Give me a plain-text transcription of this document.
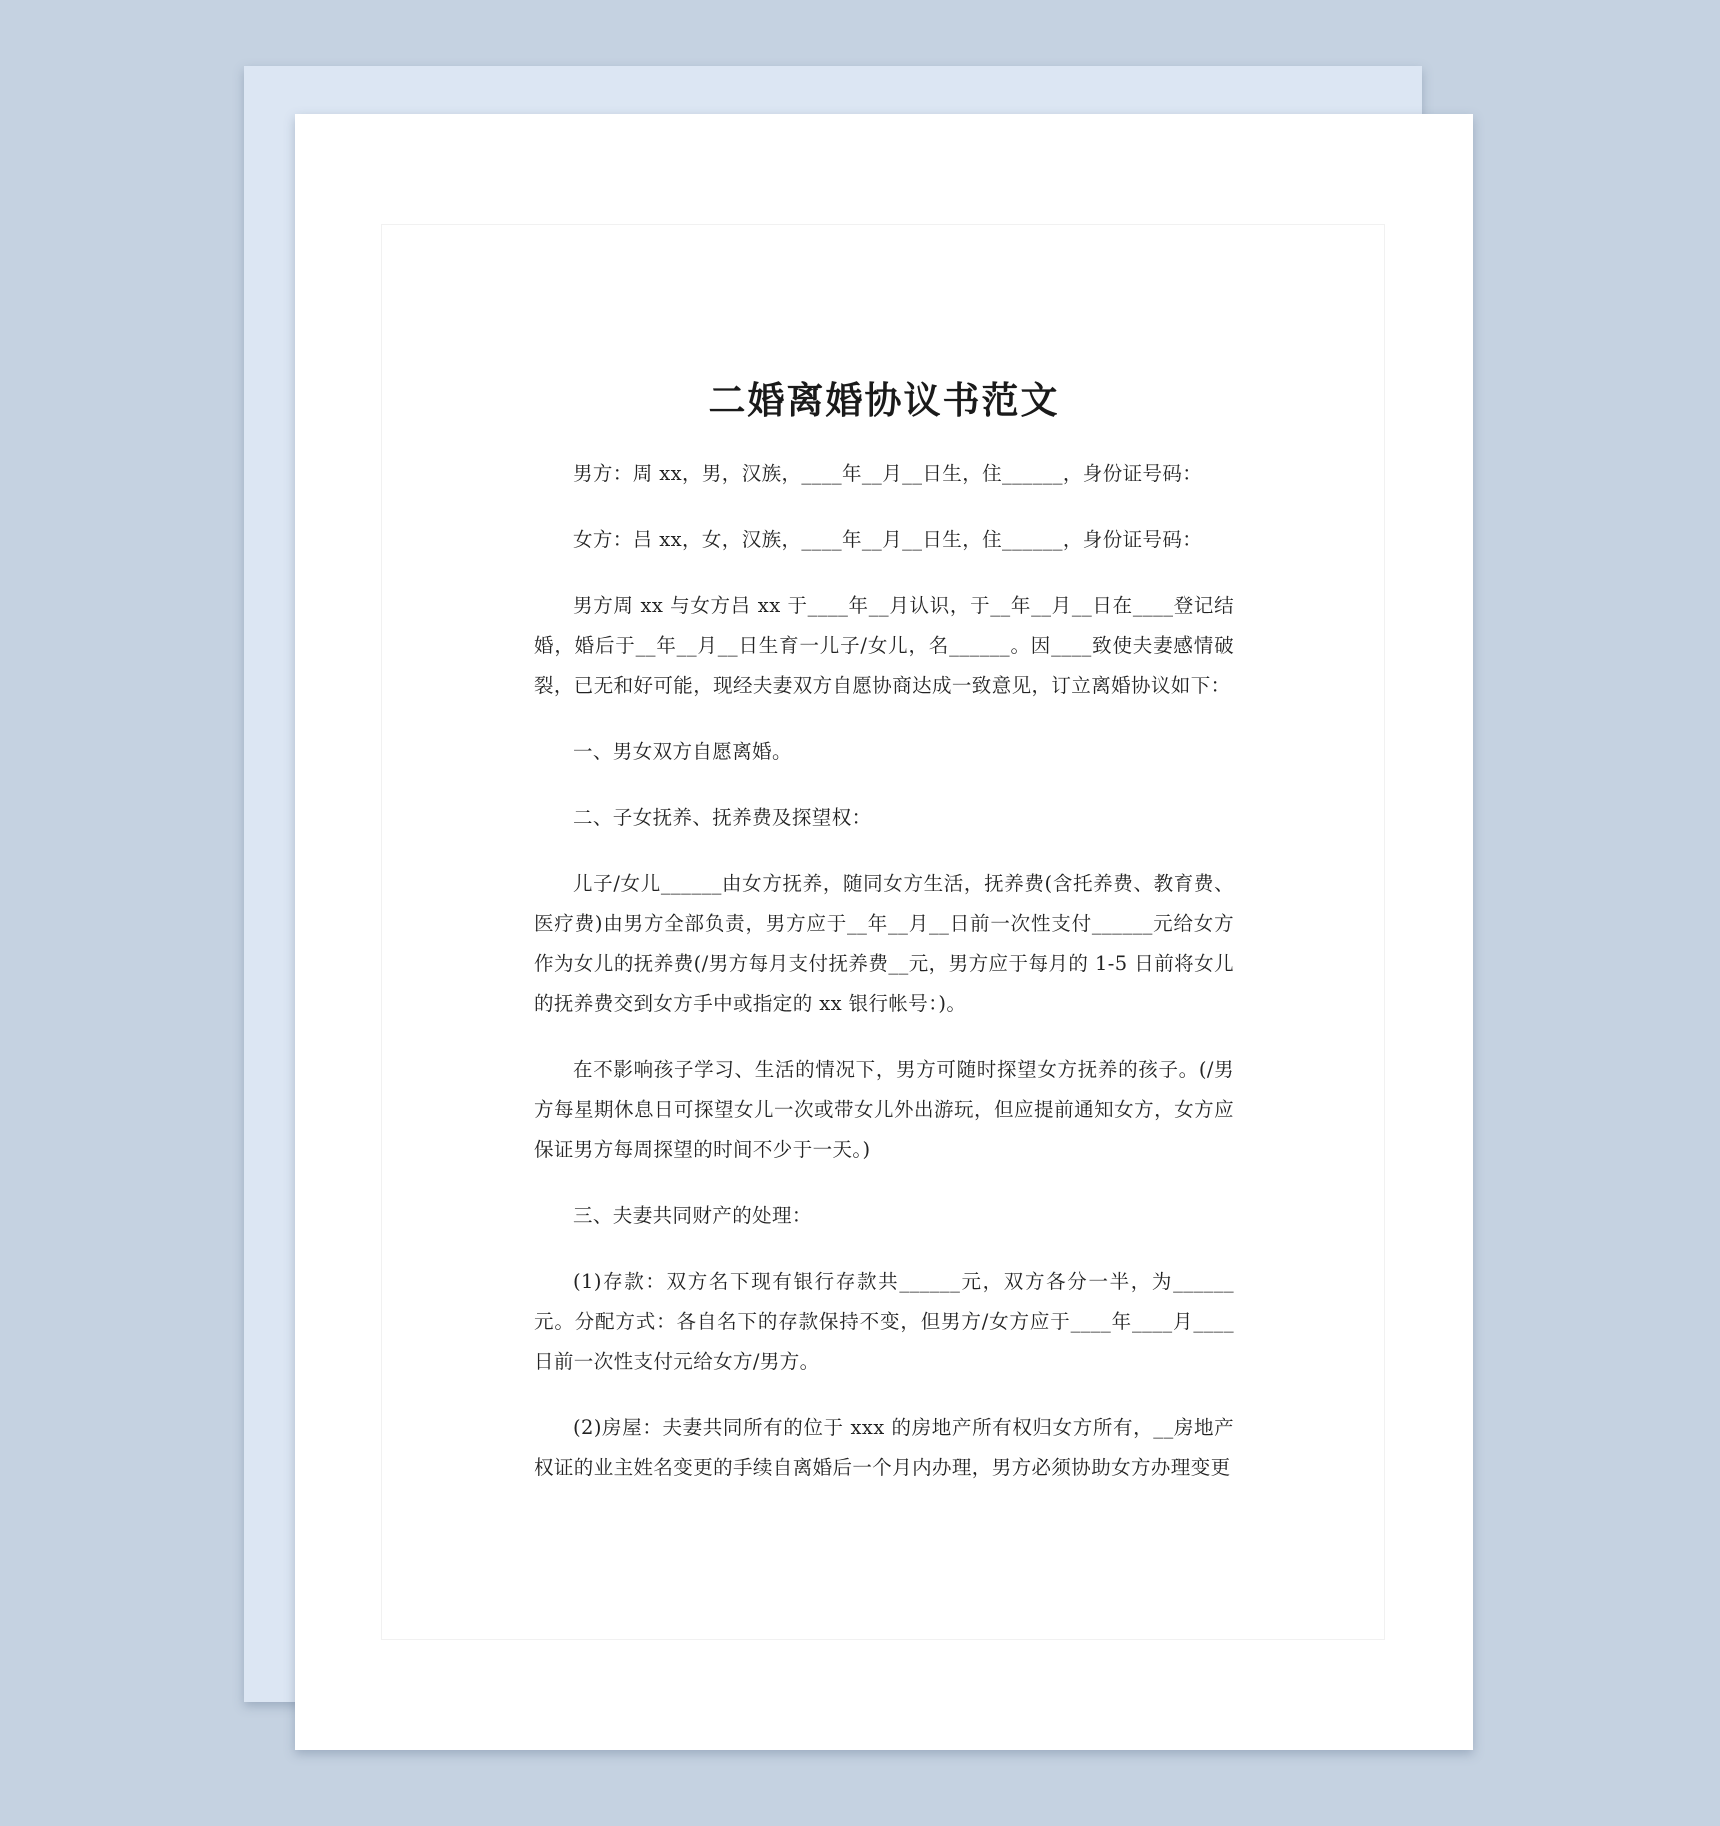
二婚离婚协议书范文

男方：周 xx，男，汉族，____年__月__日生，住______，身份证号码：

女方：吕 xx，女，汉族，____年__月__日生，住______，身份证号码：

男方周 xx 与女方吕 xx 于____年__月认识，于__年__月__日在____登记结婚，婚后于__年__月__日生育一儿子/女儿，名______。因____致使夫妻感情破裂，已无和好可能，现经夫妻双方自愿协商达成一致意见，订立离婚协议如下：

一、男女双方自愿离婚。

二、子女抚养、抚养费及探望权：

儿子/女儿______由女方抚养，随同女方生活，抚养费(含托养费、教育费、医疗费)由男方全部负责，男方应于__年__月__日前一次性支付______元给女方作为女儿的抚养费(/男方每月支付抚养费__元，男方应于每月的 1-5 日前将女儿的抚养费交到女方手中或指定的 xx 银行帐号：)。

在不影响孩子学习、生活的情况下，男方可随时探望女方抚养的孩子。(/男方每星期休息日可探望女儿一次或带女儿外出游玩，但应提前通知女方，女方应保证男方每周探望的时间不少于一天。)

三、夫妻共同财产的处理：

(1)存款：双方名下现有银行存款共______元，双方各分一半，为______元。分配方式：各自名下的存款保持不变，但男方/女方应于____年____月____日前一次性支付元给女方/男方。

(2)房屋：夫妻共同所有的位于 xxx 的房地产所有权归女方所有，__房地产权证的业主姓名变更的手续自离婚后一个月内办理，男方必须协助女方办理变更
